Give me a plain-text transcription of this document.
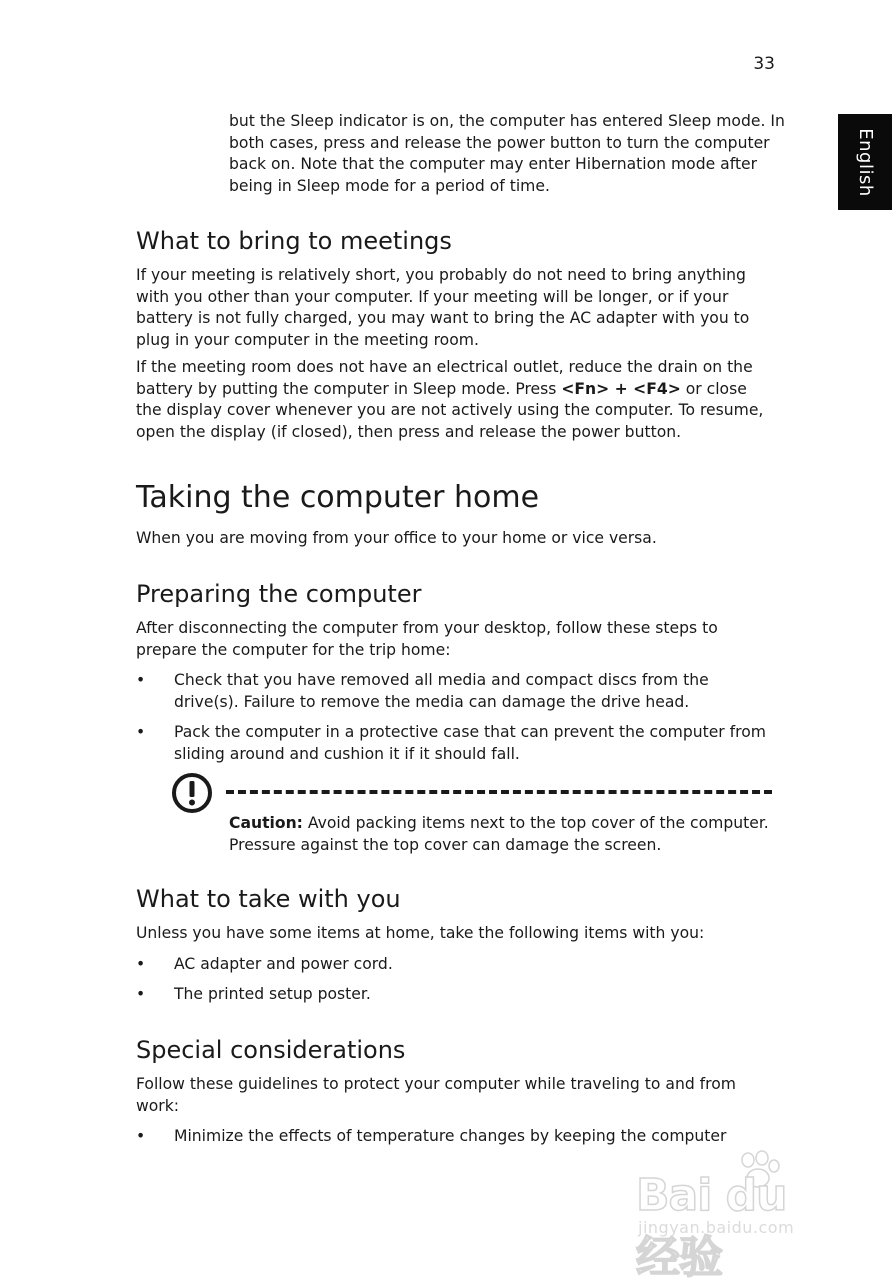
33
English

but the Sleep indicator is on, the computer has entered Sleep mode. In both cases, press and release the power button to turn the computer back on. Note that the computer may enter Hibernation mode after being in Sleep mode for a period of time.

What to bring to meetings

If your meeting is relatively short, you probably do not need to bring anything with you other than your computer. If your meeting will be longer, or if your battery is not fully charged, you may want to bring the AC adapter with you to plug in your computer in the meeting room.

If the meeting room does not have an electrical outlet, reduce the drain on the battery by putting the computer in Sleep mode. Press <Fn> + <F4> or close the display cover whenever you are not actively using the computer. To resume, open the display (if closed), then press and release the power button.

Taking the computer home

When you are moving from your office to your home or vice versa.

Preparing the computer

After disconnecting the computer from your desktop, follow these steps to prepare the computer for the trip home:

• Check that you have removed all media and compact discs from the drive(s). Failure to remove the media can damage the drive head.
• Pack the computer in a protective case that can prevent the computer from sliding around and cushion it if it should fall.

Caution: Avoid packing items next to the top cover of the computer. Pressure against the top cover can damage the screen.

What to take with you

Unless you have some items at home, take the following items with you:

• AC adapter and power cord.
• The printed setup poster.
Special considerations

Follow these guidelines to protect your computer while traveling to and from work:

• Minimize the effects of temperature changes by keeping the computer
Bai du 经验
jingyan.baidu.com
